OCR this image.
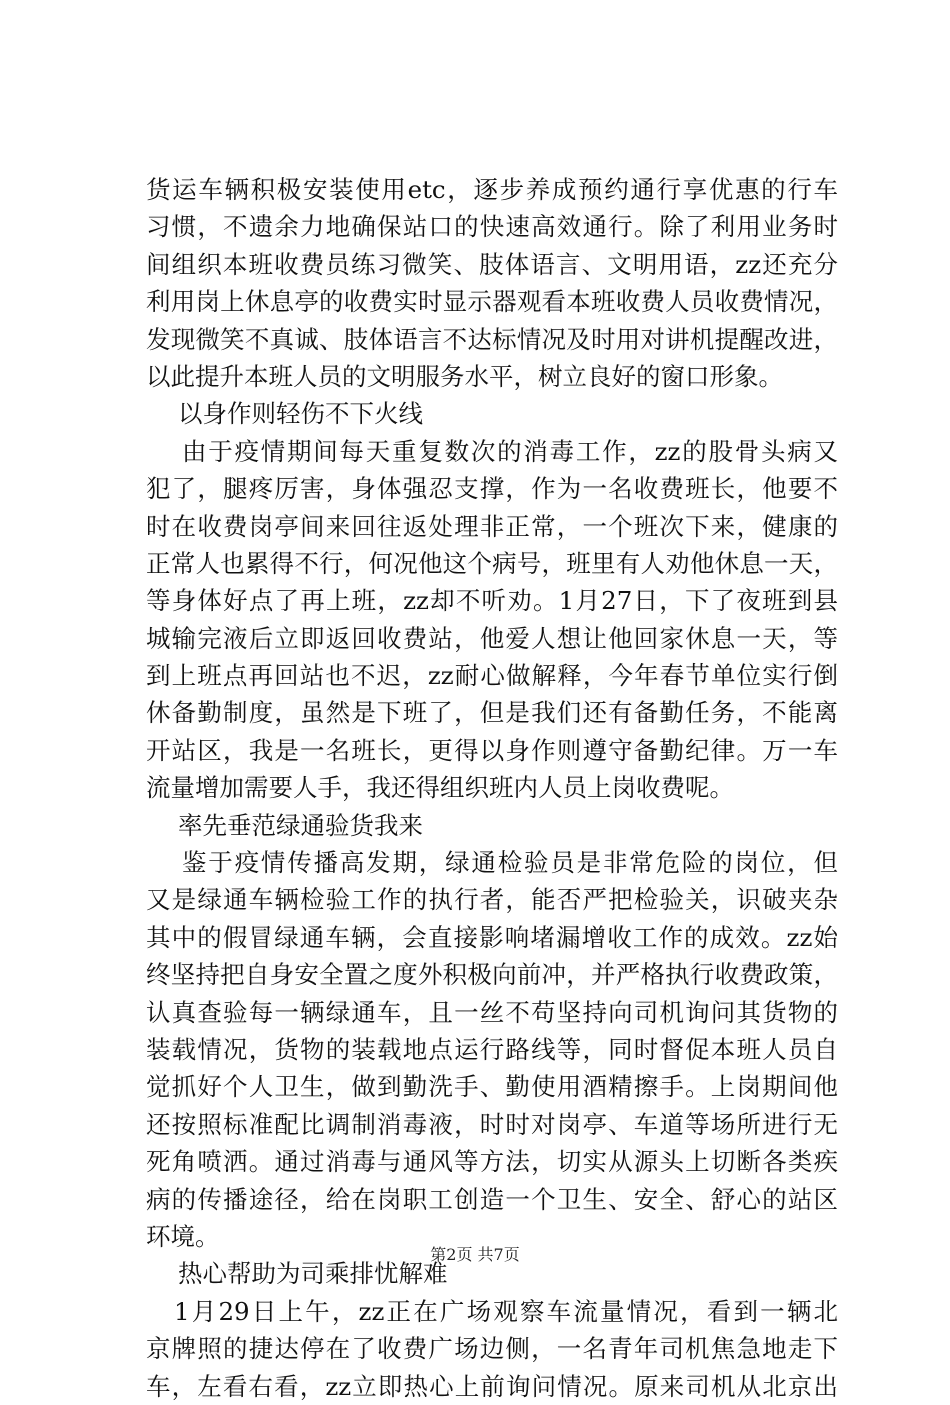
货运车辆积极安装使用etc，逐步养成预约通行享优惠的行车
习惯，不遗余力地确保站口的快速高效通行。除了利用业务时
间组织本班收费员练习微笑、肢体语言、文明用语，zz还充分
利用岗上休息亭的收费实时显示器观看本班收费人员收费情况，
发现微笑不真诚、肢体语言不达标情况及时用对讲机提醒改进，
以此提升本班人员的文明服务水平，树立良好的窗口形象。
以身作则轻伤不下火线
由于疫情期间每天重复数次的消毒工作，zz的股骨头病又
犯了，腿疼厉害，身体强忍支撑，作为一名收费班长，他要不
时在收费岗亭间来回往返处理非正常，一个班次下来，健康的
正常人也累得不行，何况他这个病号，班里有人劝他休息一天，
等身体好点了再上班，zz却不听劝。1月27日，下了夜班到县
城输完液后立即返回收费站，他爱人想让他回家休息一天，等
到上班点再回站也不迟，zz耐心做解释，今年春节单位实行倒
休备勤制度，虽然是下班了，但是我们还有备勤任务，不能离
开站区，我是一名班长，更得以身作则遵守备勤纪律。万一车
流量增加需要人手，我还得组织班内人员上岗收费呢。
率先垂范绿通验货我来
鉴于疫情传播高发期，绿通检验员是非常危险的岗位，但
又是绿通车辆检验工作的执行者，能否严把检验关，识破夹杂
其中的假冒绿通车辆，会直接影响堵漏增收工作的成效。zz始
终坚持把自身安全置之度外积极向前冲，并严格执行收费政策，
认真查验每一辆绿通车，且一丝不苟坚持向司机询问其货物的
装载情况，货物的装载地点运行路线等，同时督促本班人员自
觉抓好个人卫生，做到勤洗手、勤使用酒精擦手。上岗期间他
还按照标准配比调制消毒液，时时对岗亭、车道等场所进行无
死角喷洒。通过消毒与通风等方法，切实从源头上切断各类疾
病的传播途径，给在岗职工创造一个卫生、安全、舒心的站区
环境。
热心帮助为司乘排忧解难
1月29日上午，zz正在广场观察车流量情况，看到一辆北
京牌照的捷达停在了收费广场边侧，一名青年司机焦急地走下
车，左看右看，zz立即热心上前询问情况。原来司机从北京出
第2页 共7页
